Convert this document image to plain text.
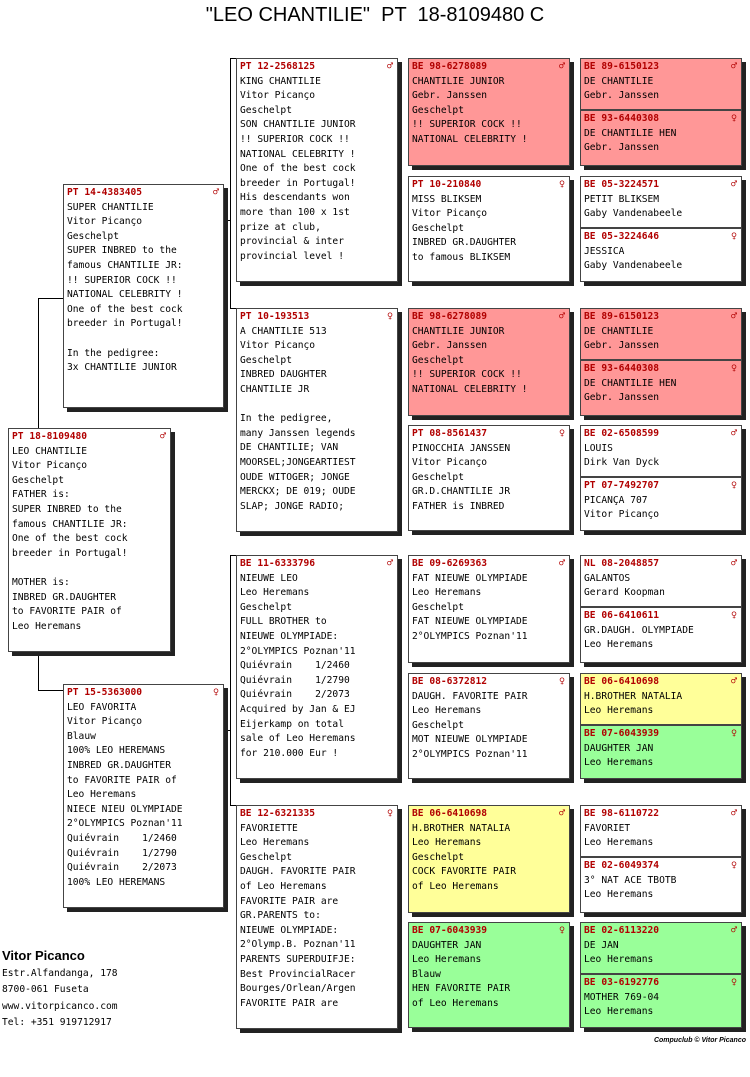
"LEO CHANTILIE"  PT  18-8109480 C
PT 18-8109480	♂
LEO CHANTILIE
Vitor Picanço
Geschelpt
FATHER is:
SUPER INBRED to the
famous CHANTILIE JR:
One of the best cock
breeder in Portugal!
MOTHER is:
INBRED GR.DAUGHTER
to FAVORITE PAIR of
Leo Heremans
PT 14-4383405	♂
SUPER CHANTILIE
Vitor Picanço
Geschelpt
SUPER INBRED to the
famous CHANTILIE JR:
!! SUPERIOR COCK !!
NATIONAL CELEBRITY !
One of the best cock
breeder in Portugal!
In the pedigree:
3x CHANTILIE JUNIOR
PT 15-5363000	♀
LEO FAVORITA
Vitor Picanço
Blauw
100% LEO HEREMANS
INBRED GR.DAUGHTER
to FAVORITE PAIR of
Leo Heremans
NIECE NIEU OLYMPIADE
2°OLYMPICS Poznan'11
Quiévrain    1/2460
Quiévrain    1/2790
Quiévrain    2/2073
100% LEO HEREMANS
PT 12-2568125	♂
KING CHANTILIE
Vitor Picanço
Geschelpt
SON CHANTILIE JUNIOR
!! SUPERIOR COCK !!
NATIONAL CELEBRITY !
One of the best cock
breeder in Portugal!
His descendants won
more than 100 x 1st
prize at club,
provincial & inter
provincial level !
PT 10-193513	♀
A CHANTILIE 513
Vitor Picanço
Geschelpt
INBRED DAUGHTER
CHANTILIE JR
In the pedigree,
many Janssen legends
DE CHANTILIE; VAN
MOORSEL;JONGEARTIEST
OUDE WITOGER; JONGE
MERCKX; DE 019; OUDE
SLAP; JONGE RADIO;
BE 11-6333796	♂
NIEUWE LEO
Leo Heremans
Geschelpt
FULL BROTHER to
NIEUWE OLYMPIADE:
2°OLYMPICS Poznan'11
Quiévrain    1/2460
Quiévrain    1/2790
Quiévrain    2/2073
Acquired by Jan & EJ
Eijerkamp on total
sale of Leo Heremans
for 210.000 Eur !
BE 12-6321335	♀
FAVORIETTE
Leo Heremans
Geschelpt
DAUGH. FAVORITE PAIR
of Leo Heremans
FAVORITE PAIR are
GR.PARENTS to:
NIEUWE OLYMPIADE:
2°Olymp.B. Poznan'11
PARENTS SUPERDUIFJE:
Best ProvincialRacer
Bourges/Orlean/Argen
FAVORITE PAIR are
BE 98-6278089	♂
CHANTILIE JUNIOR
Gebr. Janssen
Geschelpt
!! SUPERIOR COCK !!
NATIONAL CELEBRITY !
PT 10-210840	♀
MISS BLIKSEM
Vitor Picanço
Geschelpt
INBRED GR.DAUGHTER
to famous BLIKSEM
BE 98-6278089	♂
CHANTILIE JUNIOR
Gebr. Janssen
Geschelpt
!! SUPERIOR COCK !!
NATIONAL CELEBRITY !
PT 08-8561437	♀
PINOCCHIA JANSSEN
Vitor Picanço
Geschelpt
GR.D.CHANTILIE JR
FATHER is INBRED
BE 09-6269363	♂
FAT NIEUWE OLYMPIADE
Leo Heremans
Geschelpt
FAT NIEUWE OLYMPIADE
2°OLYMPICS Poznan'11
BE 08-6372812	♀
DAUGH. FAVORITE PAIR
Leo Heremans
Geschelpt
MOT NIEUWE OLYMPIADE
2°OLYMPICS Poznan'11
BE 06-6410698	♂
H.BROTHER NATALIA
Leo Heremans
Geschelpt
COCK FAVORITE PAIR
of Leo Heremans
BE 07-6043939	♀
DAUGHTER JAN
Leo Heremans
Blauw
HEN FAVORITE PAIR
of Leo Heremans
BE 89-6150123	♂
DE CHANTILIE
Gebr. Janssen
BE 93-6440308	♀
DE CHANTILIE HEN
Gebr. Janssen
BE 05-3224571	♂
PETIT BLIKSEM
Gaby Vandenabeele
BE 05-3224646	♀
JESSICA
Gaby Vandenabeele
BE 89-6150123	♂
DE CHANTILIE
Gebr. Janssen
BE 93-6440308	♀
DE CHANTILIE HEN
Gebr. Janssen
BE 02-6508599	♂
LOUIS
Dirk Van Dyck
PT 07-7492707	♀
PICANÇA 707
Vitor Picanço
NL 08-2048857	♂
GALANTOS
Gerard Koopman
BE 06-6410611	♀
GR.DAUGH. OLYMPIADE
Leo Heremans
BE 06-6410698	♂
H.BROTHER NATALIA
Leo Heremans
BE 07-6043939	♀
DAUGHTER JAN
Leo Heremans
BE 98-6110722	♂
FAVORIET
Leo Heremans
BE 02-6049374	♀
3° NAT ACE TBOTB
Leo Heremans
BE 02-6113220	♂
DE JAN
Leo Heremans
BE 03-6192776	♀
MOTHER 769-04
Leo Heremans
Vitor Picanco
Estr.Alfandanga, 178
8700-061 Fuseta
www.vitorpicanco.com
Tel: +351 919712917
Compuclub © Vitor Picanco
